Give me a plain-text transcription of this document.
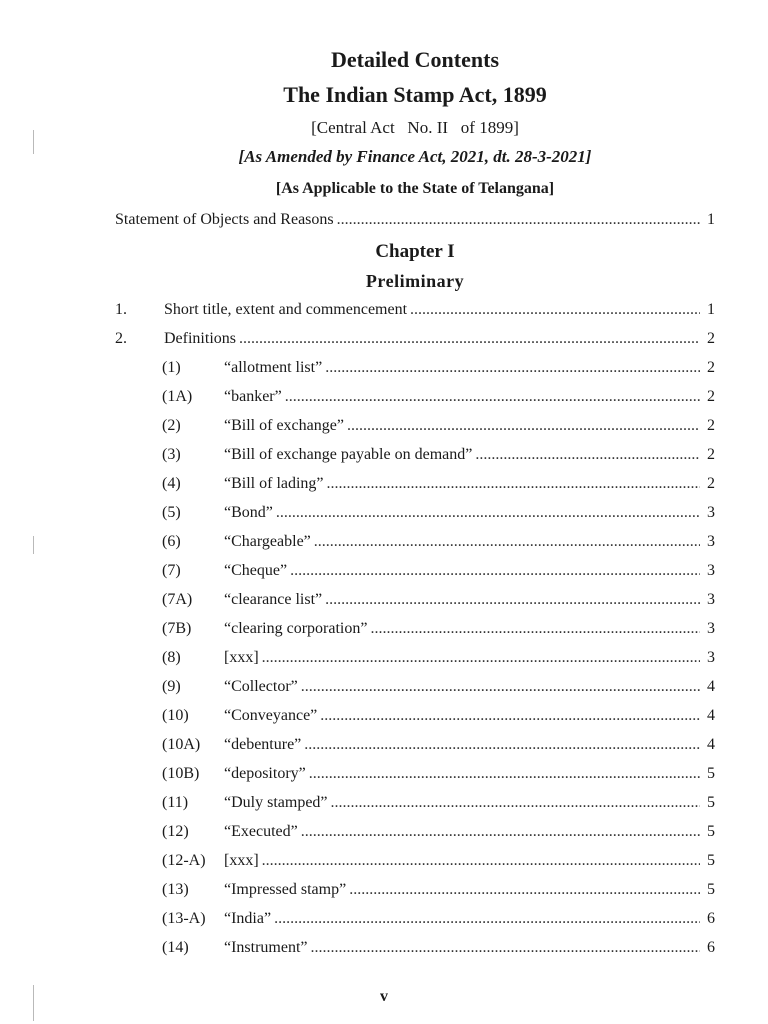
Detailed Contents
The Indian Stamp Act, 1899
[Central Act   No. II   of 1899]
[As Amended by Finance Act, 2021, dt. 28-3-2021]
[As Applicable to the State of Telangana]
Statement of Objects and Reasons .....	1
Chapter I
Preliminary
1.	Short title, extent and commencement .....	1
2.	Definitions .....	2
(1)	“allotment list” .....	2
(1A)	“banker” .....	2
(2)	“Bill of exchange” .....	2
(3)	“Bill of exchange payable on demand” .....	2
(4)	“Bill of lading” .....	2
(5)	“Bond” .....	3
(6)	“Chargeable” .....	3
(7)	“Cheque” .....	3
(7A)	“clearance list” .....	3
(7B)	“clearing corporation” .....	3
(8)	[xxx] .....	3
(9)	“Collector” .....	4
(10)	“Conveyance” .....	4
(10A)	“debenture” .....	4
(10B)	“depository” .....	5
(11)	“Duly stamped” .....	5
(12)	“Executed” .....	5
(12-A)	[xxx] .....	5
(13)	“Impressed stamp” .....	5
(13-A)	“India” .....	6
(14)	“Instrument” .....	6
v
